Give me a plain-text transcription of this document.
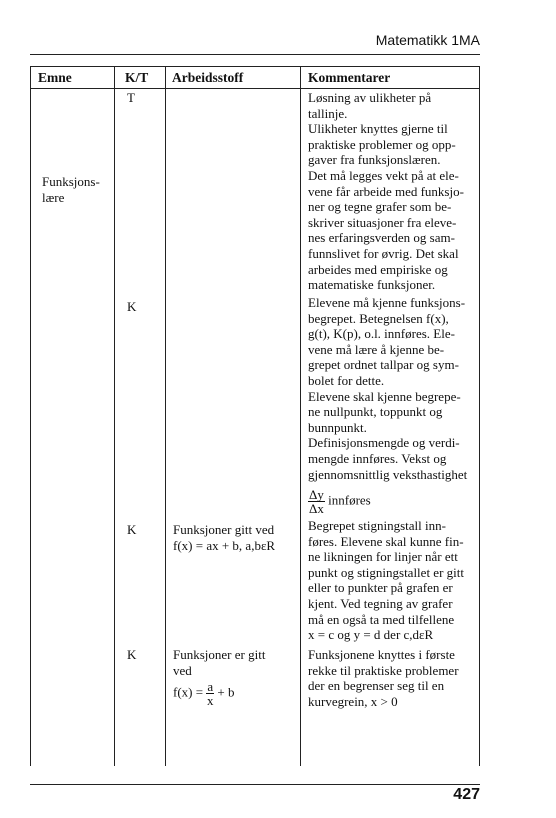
Matematikk 1MA
Emne	K/T Arbeidsstoff	Kommentarer
Funksjons-
lære
T
K
K
K
Funksjoner gitt ved
f(x) = ax + b, a,bεR
Funksjoner er gitt
ved
$f(x) = \frac{a}{x} + b$

Løsning av ulikheter på
tallinje.

Ulikheter knyttes gjerne til
praktiske problemer og opp-
gaver fra funksjonslæren.

Det må legges vekt på at ele-
vene får arbeide med funksjo-
ner og tegne grafer som be-
skriver situasjoner fra eleve-
nes erfaringsverden og sam-
funnslivet for øvrig. Det skal
arbeides med empiriske og
matematiske funksjoner.

Elevene må kjenne funksjons-
begrepet. Betegnelsen f(x),
g(t), K(p), o.l. innføres. Ele-
vene må lære å kjenne be-
grepet ordnet tallpar og sym-
bolet for dette.

Elevene skal kjenne begrepe-
ne nullpunkt, toppunkt og
bunnpunkt.

Definisjonsmengde og verdi-
mengde innføres. Vekst og
gjennomsnittlig veksthastighet

$\frac{\Delta y}{\Delta x}$ innføres

Begrepet stigningstall inn-
føres. Elevene skal kunne fin-
ne likningen for linjer når ett
punkt og stigningstallet er gitt
eller to punkter på grafen er
kjent. Ved tegning av grafer
må en også ta med tilfellene
x = c og y = d der c,dεR

Funksjonene knyttes i første
rekke til praktiske problemer
der en begrenser seg til en
kurvegrein, x > 0

427
